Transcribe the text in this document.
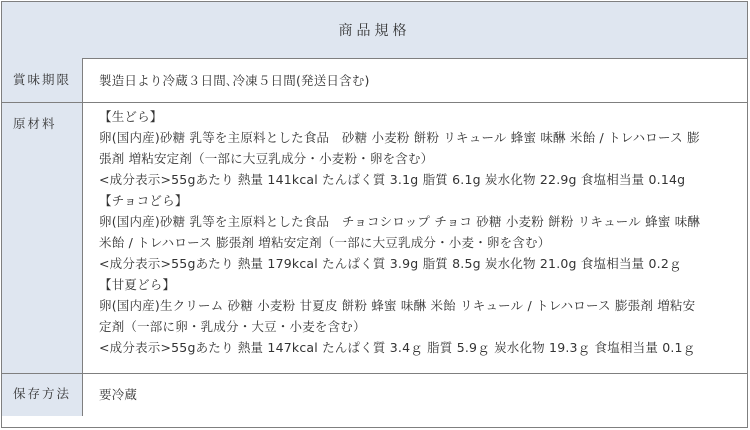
商品規格
賞味期限	製造日より冷蔵３日間､冷凍５日間(発送日含む)
原材料	【生どら】
卵(国内産)砂糖 乳等を主原料とした食品　砂糖 小麦粉 餅粉 リキュール 蜂蜜 味醂 米飴 / トレハロース 膨
張剤 増粘安定剤（一部に大豆乳成分・小麦粉・卵を含む）
<成分表示>55gあたり 熱量 141kcal たんぱく質 3.1g 脂質 6.1g 炭水化物 22.9g 食塩相当量 0.14g
【チョコどら】
卵(国内産)砂糖 乳等を主原料とした食品　チョコシロップ チョコ 砂糖 小麦粉 餅粉 リキュール 蜂蜜 味醂
米飴 / トレハロース 膨張剤 増粘安定剤（一部に大豆乳成分・小麦・卵を含む）
<成分表示>55gあたり 熱量 179kcal たんぱく質 3.9g 脂質 8.5g 炭水化物 21.0g 食塩相当量 0.2ｇ
【甘夏どら】
卵(国内産)生クリーム 砂糖 小麦粉 甘夏皮 餅粉 蜂蜜 味醂 米飴 リキュール / トレハロース 膨張剤 増粘安
定剤（一部に卵・乳成分・大豆・小麦を含む）
<成分表示>55gあたり 熱量 147kcal たんぱく質 3.4ｇ 脂質 5.9ｇ 炭水化物 19.3ｇ 食塩相当量 0.1ｇ
保存方法	要冷蔵
